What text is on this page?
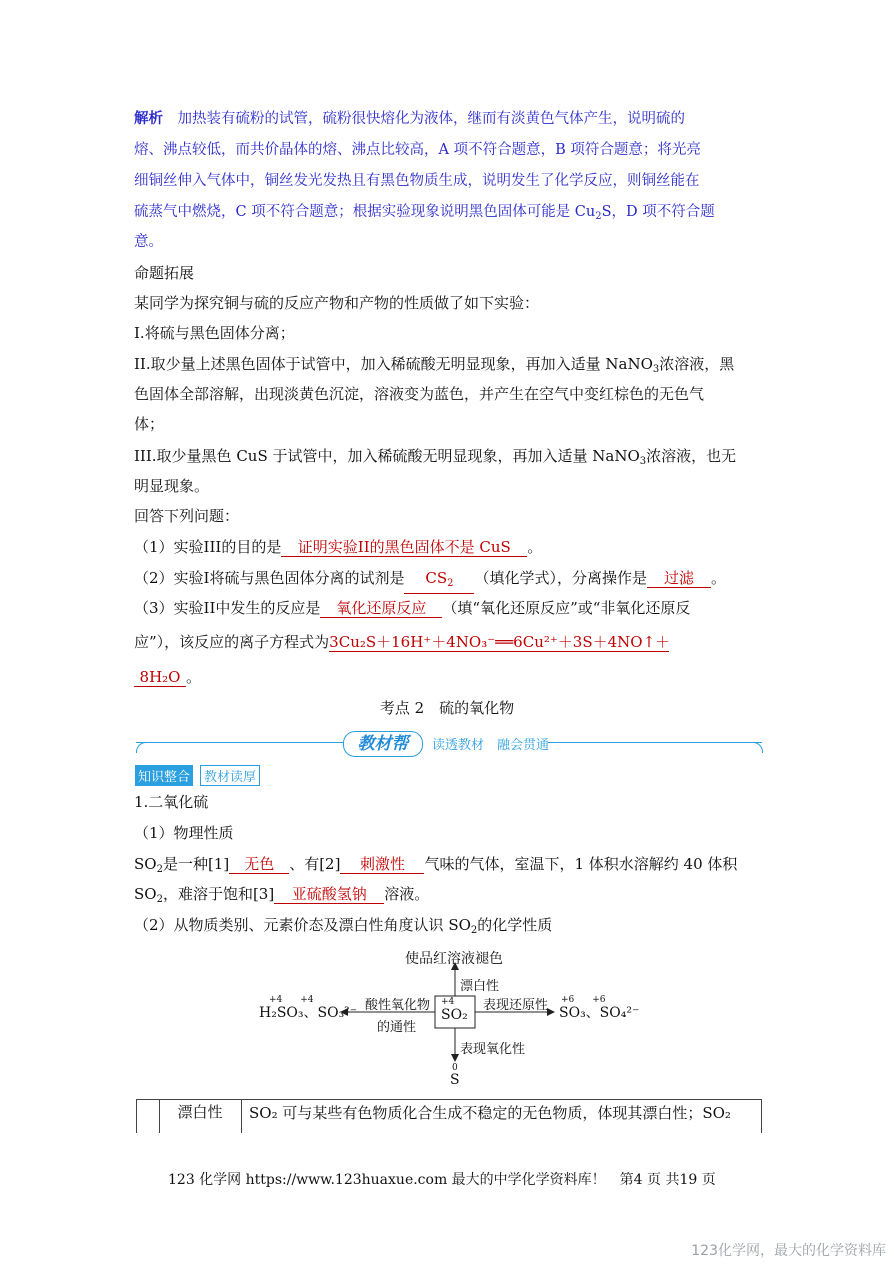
解析　 加热装有硫粉的试管，硫粉很快熔化为液体，继而有淡黄色气体产生，说明硫的
熔、沸点较低，而共价晶体的熔、沸点比较高，A 项不符合题意，B 项符合题意；将光亮
细铜丝伸入气体中，铜丝发光发热且有黑色物质生成，说明发生了化学反应，则铜丝能在
硫蒸气中燃烧，C 项不符合题意；根据实验现象说明黑色固体可能是 $Cu_2S$，D 项不符合题
意。
命题拓展
某同学为探究铜与硫的反应产物和产物的性质做了如下实验：
I.将硫与黑色固体分离；
II.取少量上述黑色固体于试管中，加入稀硫酸无明显现象，再加入适量 NaNO$_3$浓溶液，黑
色固体全部溶解，出现淡黄色沉淀，溶液变为蓝色，并产生在空气中变红棕色的无色气
体；
III.取少量黑色 CuS 于试管中，加入稀硫酸无明显现象，再加入适量 NaNO$_3$浓溶液，也无
明显现象。
回答下列问题：
（1）实验III的目的是 证明实验II的黑色固体不是 CuS 。
（2）实验I将硫与黑色固体分离的试剂是 $CS_2$ （填化学式），分离操作是 过滤 。
（3）实验II中发生的反应是 氧化还原反应 （填“氧化还原反应”或“非氧化还原反
应”），该反应的离子方程式为3Cu₂S＋16H⁺＋4NO₃⁻══6Cu²⁺＋3S＋4NO↑＋
8H₂O 。
考点 2　硫的氧化物
教材帮	读透教材　融会贯通
知识整合	教材读厚
1.二氧化硫
（1）物理性质
$SO_2$是一种[1] 无色 、有[2] 刺激性 气味的气体，室温下，1 体积水溶解约 40 体积
$SO_2$，难溶于饱和[3] 亚硫酸氢钠 溶液。
（2）从物质类别、元素价态及漂白性角度认识 $SO_2$的化学性质
使品红溶液褪色
漂白性
+4　　+4
H₂SO₃、SO₃²⁻ 酸性氧化物
的通性
+4
SO₂
表现还原性 +6　　+6
SO₃、SO₄²⁻
表现氧化性
0
S
漂白性	SO₂ 可与某些有色物质化合生成不稳定的无色物质，体现其漂白性；SO₂
123 化学网 https://www.123huaxue.com 最大的中学化学资料库！　第4 页 共19 页
123化学网，最大的化学资料库
